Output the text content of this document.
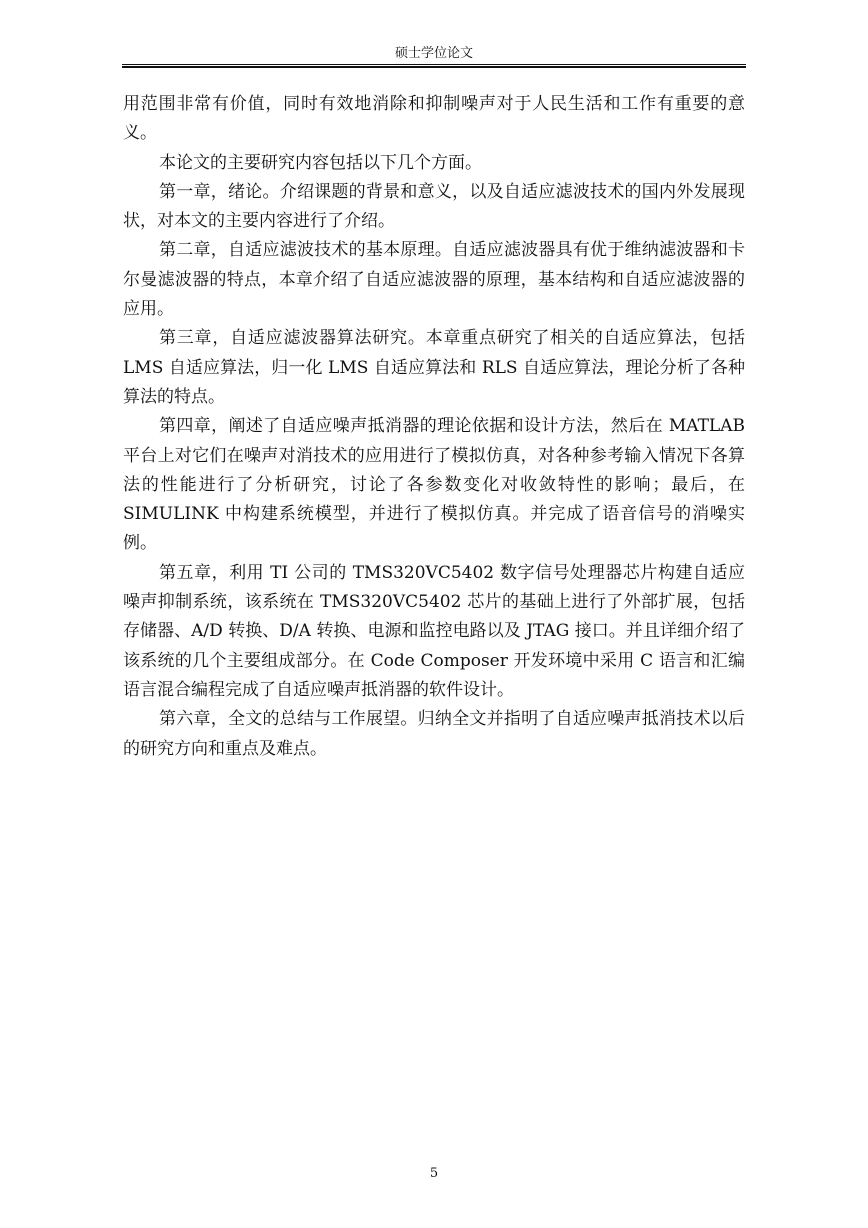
硕士学位论文

用范围非常有价值，同时有效地消除和抑制噪声对于人民生活和工作有重要的意义。

本论文的主要研究内容包括以下几个方面。

第一章，绪论。介绍课题的背景和意义，以及自适应滤波技术的国内外发展现状，对本文的主要内容进行了介绍。

第二章，自适应滤波技术的基本原理。自适应滤波器具有优于维纳滤波器和卡尔曼滤波器的特点，本章介绍了自适应滤波器的原理，基本结构和自适应滤波器的应用。

第三章，自适应滤波器算法研究。本章重点研究了相关的自适应算法，包括LMS 自适应算法，归一化 LMS 自适应算法和 RLS 自适应算法，理论分析了各种算法的特点。

第四章，阐述了自适应噪声抵消器的理论依据和设计方法，然后在 MATLAB 平台上对它们在噪声对消技术的应用进行了模拟仿真，对各种参考输入情况下各算法的性能进行了分析研究，讨论了各参数变化对收敛特性的影响；最后，在 SIMULINK 中构建系统模型，并进行了模拟仿真。并完成了语音信号的消噪实例。

第五章，利用 TI 公司的 TMS320VC5402 数字信号处理器芯片构建自适应噪声抑制系统，该系统在 TMS320VC5402 芯片的基础上进行了外部扩展，包括存储器、A/D 转换、D/A 转换、电源和监控电路以及 JTAG 接口。并且详细介绍了该系统的几个主要组成部分。在 Code Composer 开发环境中采用 C 语言和汇编语言混合编程完成了自适应噪声抵消器的软件设计。

第六章，全文的总结与工作展望。归纳全文并指明了自适应噪声抵消技术以后的研究方向和重点及难点。

5
